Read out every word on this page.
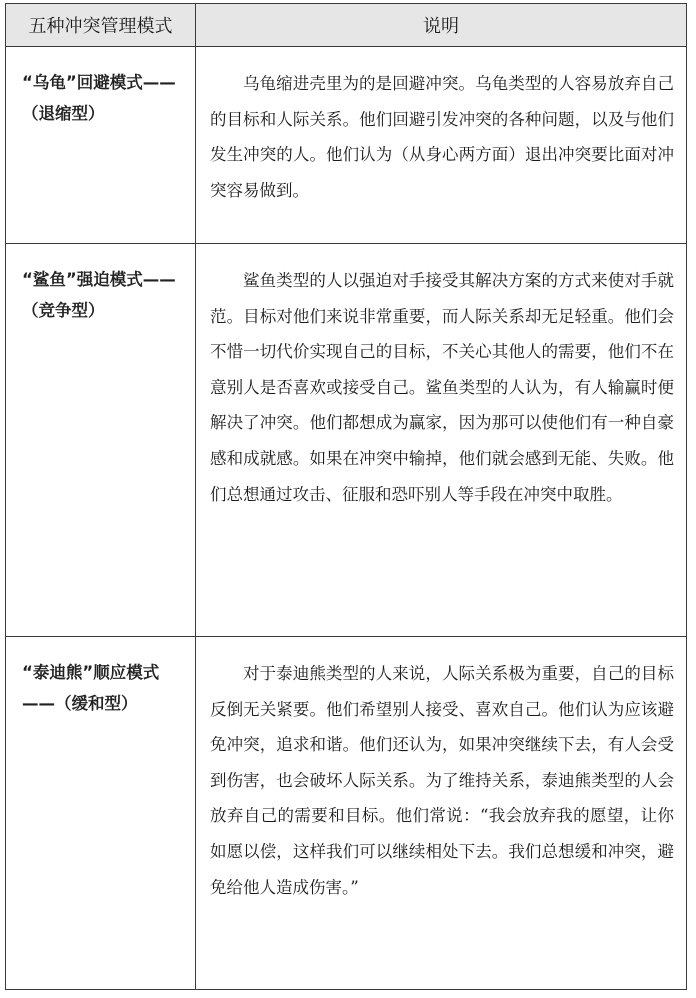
五种冲突管理模式	说明

“乌龟”回避模式——（退缩型）	乌龟缩进壳里为的是回避冲突。乌龟类型的人容易放弃自己的目标和人际关系。他们回避引发冲突的各种问题，以及与他们发生冲突的人。他们认为（从身心两方面）退出冲突要比面对冲突容易做到。

“鲨鱼”强迫模式——（竞争型）	鲨鱼类型的人以强迫对手接受其解决方案的方式来使对手就范。目标对他们来说非常重要，而人际关系却无足轻重。他们会不惜一切代价实现自己的目标，不关心其他人的需要，他们不在意别人是否喜欢或接受自己。鲨鱼类型的人认为，有人输赢时便解决了冲突。他们都想成为赢家，因为那可以使他们有一种自豪感和成就感。如果在冲突中输掉，他们就会感到无能、失败。他们总想通过攻击、征服和恐吓别人等手段在冲突中取胜。

“泰迪熊”顺应模式——（缓和型）	对于泰迪熊类型的人来说，人际关系极为重要，自己的目标反倒无关紧要。他们希望别人接受、喜欢自己。他们认为应该避免冲突，追求和谐。他们还认为，如果冲突继续下去，有人会受到伤害，也会破坏人际关系。为了维持关系，泰迪熊类型的人会放弃自己的需要和目标。他们常说：“我会放弃我的愿望，让你如愿以偿，这样我们可以继续相处下去。我们总想缓和冲突，避免给他人造成伤害。”
